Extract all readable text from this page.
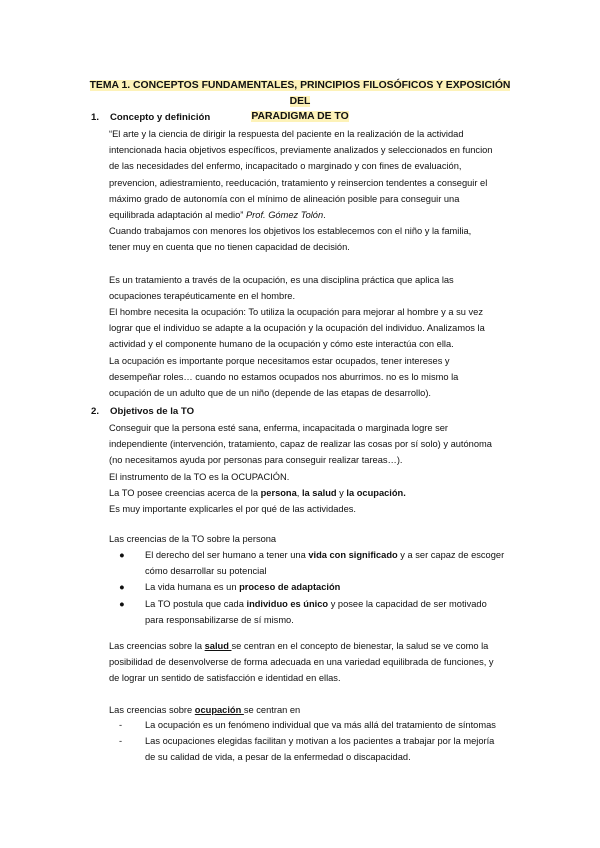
TEMA 1. CONCEPTOS FUNDAMENTALES, PRINCIPIOS FILOSÓFICOS Y EXPOSICIÓN DEL
PARADIGMA DE TO
1. Concepto y definición

“El arte y la ciencia de dirigir la respuesta del paciente en la realización de la actividad
intencionada hacia objetivos específicos, previamente analizados y seleccionados en funcion
de las necesidades del enfermo, incapacitado o marginado y con fines de evaluación,
prevencion, adiestramiento, reeducación, tratamiento y reinsercion tendentes a conseguir el
máximo grado de autonomía con el mínimo de alineación posible para conseguir una
equilibrada adaptación al medio” Prof. Gómez Tolón.

Cuando trabajamos con menores los objetivos los establecemos con el niño y la familia,
tener muy en cuenta que no tienen capacidad de decisión.

Es un tratamiento a través de la ocupación, es una disciplina práctica que aplica las
ocupaciones terapéuticamente en el hombre.

El hombre necesita la ocupación: To utiliza la ocupación para mejorar al hombre y a su vez
lograr que el individuo se adapte a la ocupación y la ocupación del individuo. Analizamos la
actividad y el componente humano de la ocupación y cómo este interactúa con ella.

La ocupación es importante porque necesitamos estar ocupados, tener intereses y
desempeñar roles… cuando no estamos ocupados nos aburrimos. no es lo mismo la
ocupación de un adulto que de un niño (depende de las etapas de desarrollo).

2. Objetivos de la TO

Conseguir que la persona esté sana, enferma, incapacitada o marginada logre ser
independiente (intervención, tratamiento, capaz de realizar las cosas por sí solo) y autónoma
(no necesitamos ayuda por personas para conseguir realizar tareas…).

El instrumento de la TO es la OCUPACIÓN.

La TO posee creencias acerca de la persona, la salud y la ocupación.

Es muy importante explicarles el por qué de las actividades.

Las creencias de la TO sobre la persona

● El derecho del ser humano a tener una vida con significado y a ser capaz de escoger
cómo desarrollar su potencial
● La vida humana es un proceso de adaptación
● La TO postula que cada individuo es único y posee la capacidad de ser motivado
para responsabilizarse de sí mismo.

Las creencias sobre la salud se centran en el concepto de bienestar, la salud se ve como la
posibilidad de desenvolverse de forma adecuada en una variedad equilibrada de funciones, y
de lograr un sentido de satisfacción e identidad en ellas.

Las creencias sobre ocupación se centran en

- La ocupación es un fenómeno individual que va más allá del tratamiento de síntomas
- Las ocupaciones elegidas facilitan y motivan a los pacientes a trabajar por la mejoría
de su calidad de vida, a pesar de la enfermedad o discapacidad.
